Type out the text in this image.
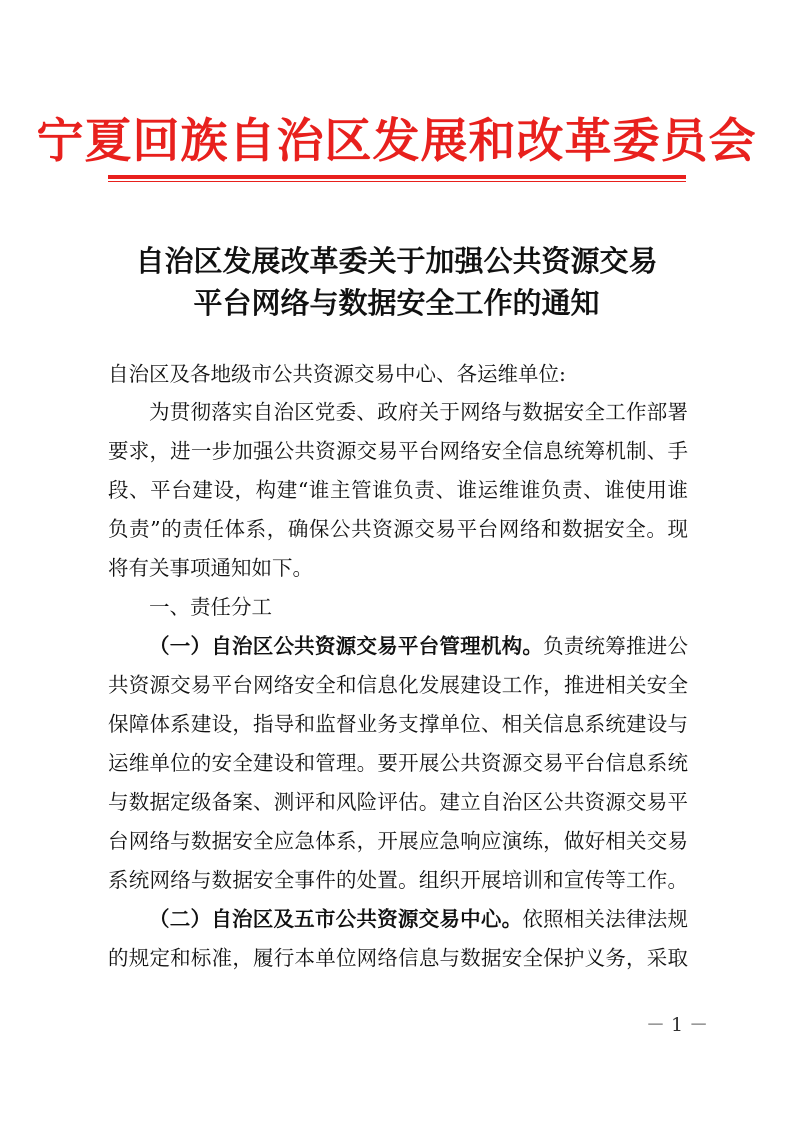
宁夏回族自治区发展和改革委员会
自治区发展改革委关于加强公共资源交易
平台网络与数据安全工作的通知
自治区及各地级市公共资源交易中心、各运维单位:
为贯彻落实自治区党委、政府关于网络与数据安全工作部署
要求，进一步加强公共资源交易平台网络安全信息统筹机制、手
段、平台建设，构建“谁主管谁负责、谁运维谁负责、谁使用谁
负责”的责任体系，确保公共资源交易平台网络和数据安全。现
将有关事项通知如下。
一、责任分工
（一）自治区公共资源交易平台管理机构。负责统筹推进公
共资源交易平台网络安全和信息化发展建设工作，推进相关安全
保障体系建设，指导和监督业务支撑单位、相关信息系统建设与
运维单位的安全建设和管理。要开展公共资源交易平台信息系统
与数据定级备案、测评和风险评估。建立自治区公共资源交易平
台网络与数据安全应急体系，开展应急响应演练，做好相关交易
系统网络与数据安全事件的处置。组织开展培训和宣传等工作。
（二）自治区及五市公共资源交易中心。依照相关法律法规
的规定和标准，履行本单位网络信息与数据安全保护义务，采取
－ 1 －
